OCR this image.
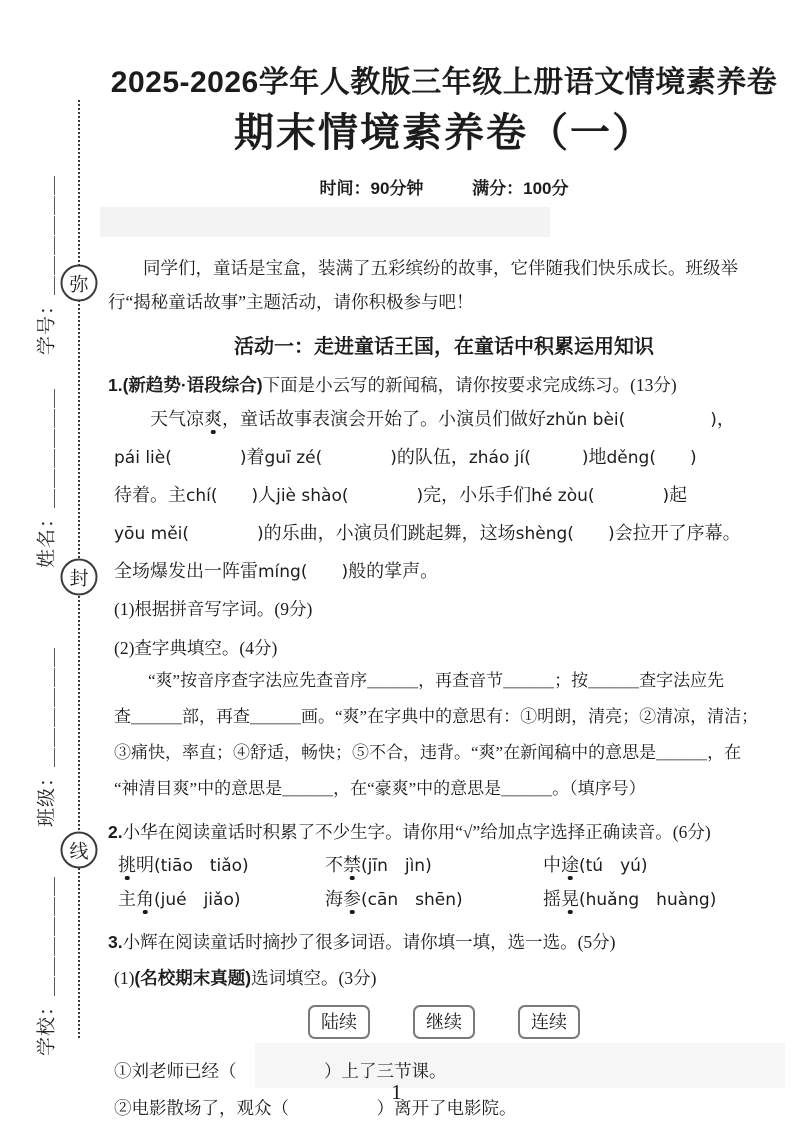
学号：＿＿＿＿＿＿
姓名：＿＿＿＿＿＿
班级：＿＿＿＿＿＿
学校：＿＿＿＿＿＿
弥
封
线
2025-2026学年人教版三年级上册语文情境素养卷
期末情境素养卷（一）
时间：90分钟	满分：100分
　　同学们，童话是宝盒，装满了五彩缤纷的故事，它伴随我们快乐成长。班级举
行“揭秘童话故事”主题活动，请你积极参与吧！
活动一：走进童话王国，在童话中积累运用知识
1.(新趋势·语段综合)下面是小云写的新闻稿，请你按要求完成练习。(13分)
　　天气凉爽，童话故事表演会开始了。小演员们做好zhǔn bèi(　　　　　)，
pái liè(　　　　)着guī zé(　　　　)的队伍，zháo jí(　　　)地děng(　　)
待着。主chí(　　)人jiè shào(　　　　)完，小乐手们hé zòu(　　　　)起
yōu měi(　　　　)的乐曲，小演员们跳起舞，这场shèng(　　)会拉开了序幕。
全场爆发出一阵雷míng(　　)般的掌声。
(1)根据拼音写字词。(9分)
(2)查字典填空。(4分)
　　“爽”按音序查字法应先查音序＿＿＿，再查音节＿＿＿；按＿＿＿查字法应先
查＿＿＿部，再查＿＿＿画。“爽”在字典中的意思有：①明朗，清亮；②清凉，清洁；
③痛快，率直；④舒适，畅快；⑤不合，违背。“爽”在新闻稿中的意思是＿＿＿，在
“神清目爽”中的意思是＿＿＿，在“豪爽”中的意思是＿＿＿。（填序号）
2.小华在阅读童话时积累了不少生字。请你用“√”给加点字选择正确读音。(6分)
挑明(tiāo　tiǎo)	不禁(jīn　jìn)	中途(tú　yú)
主角(jué　jiǎo)	海参(cān　shēn)	摇晃(huǎng　huàng)
3.小辉在阅读童话时摘抄了很多词语。请你填一填，选一选。(5分)
(1)(名校期末真题)选词填空。(3分)
陆续	继续	连续
①刘老师已经（　　　　　）上了三节课。
②电影散场了，观众（　　　　　）离开了电影院。
1
